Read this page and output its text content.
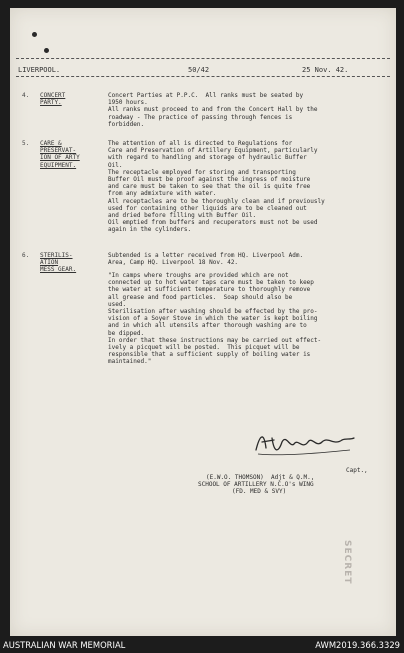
LIVERPOOL.	50/42	25 Nov. 42.
4. CONCERT
PARTY.
Concert Parties at P.P.C.  All ranks must be seated by
1950 hours.
All ranks must proceed to and from the Concert Hall by the
roadway - The practice of passing through fences is
forbidden.
5. CARE &
PRESERVAT-
ION OF ARTY
EQUIPMENT.
The attention of all is directed to Regulations for
Care and Preservation of Artillery Equipment, particularly
with regard to handling and storage of hydraulic Buffer
Oil.
The receptacle employed for storing and transporting
Buffer Oil must be proof against the ingress of moisture
and care must be taken to see that the oil is quite free
from any admixture with water.
All receptacles are to be thoroughly clean and if previously
used for containing other liquids are to be cleaned out
and dried before filling with Buffer Oil.
Oil emptied from buffers and recuperators must not be used
again in the cylinders.
6. STERILIS-
ATION
MESS GEAR.
Subtended is a letter received from HQ. Liverpool Adm.
Area, Camp HQ. Liverpool 18 Nov. 42.
"In camps where troughs are provided which are not
connected up to hot water taps care must be taken to keep
the water at sufficient temperature to thoroughly remove
all grease and food particles.  Soap should also be
used.
Sterilisation after washing should be effected by the pro-
vision of a Soyer Stove in which the water is kept boiling
and in which all utensils after thorough washing are to
be dipped.
In order that these instructions may be carried out effect-
ively a picquet will be posted.  This picquet will be
responsible that a sufficient supply of boiling water is
maintained."
Capt.,
(E.W.O. THOMSON)  Adjt & Q.M.,
SCHOOL OF ARTILLERY N.C.O's WING
(FD. MED & SVY)
SECRET
AUSTRALIAN WAR MEMORIAL	AWM2019.366.3329
